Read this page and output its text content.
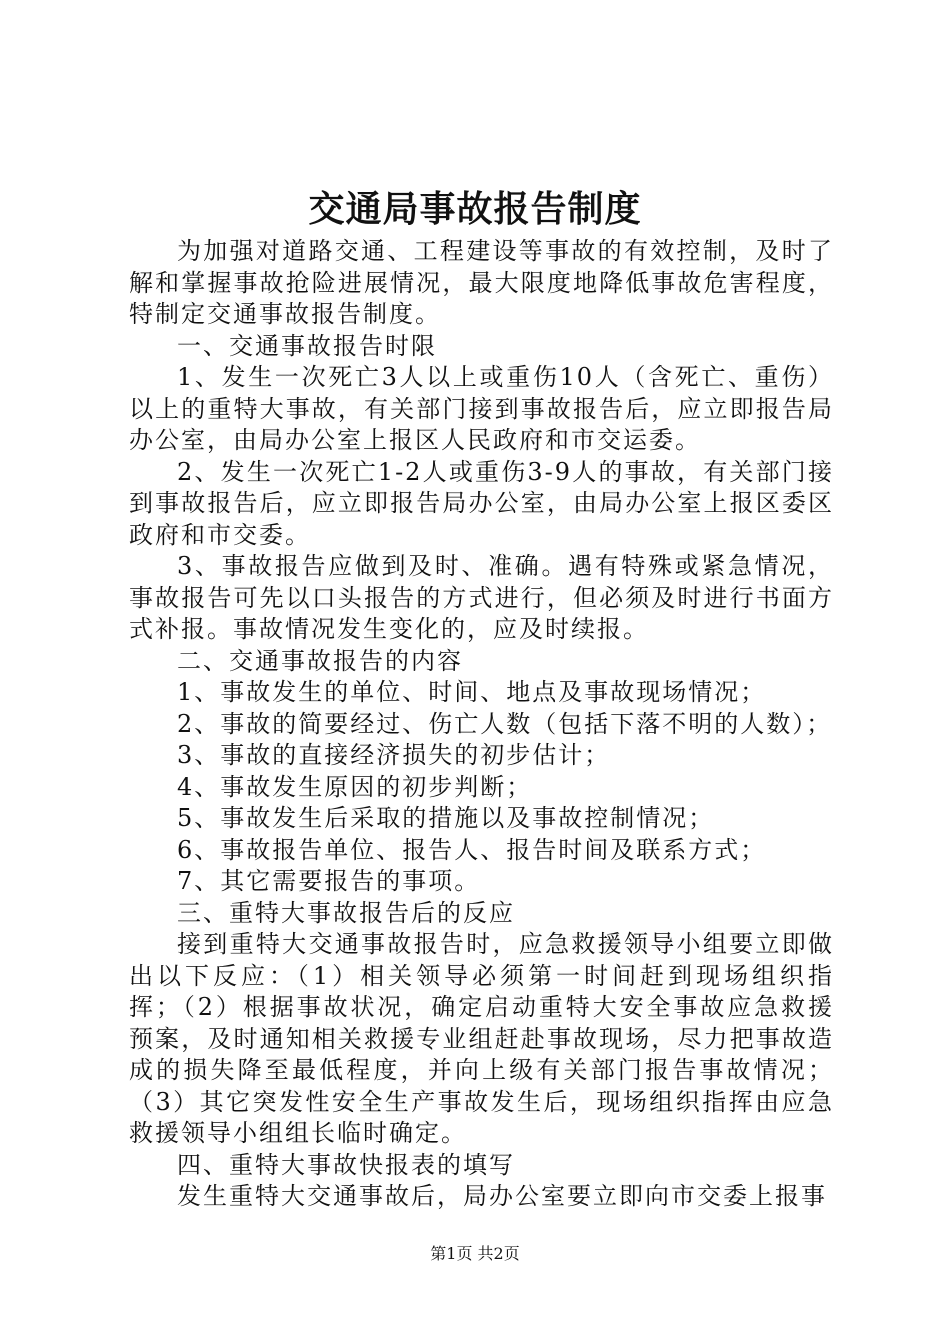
交通局事故报告制度

为加强对道路交通、工程建设等事故的有效控制，及时了解和掌握事故抢险进展情况，最大限度地降低事故危害程度，特制定交通事故报告制度。

一、交通事故报告时限

1、发生一次死亡3人以上或重伤10人（含死亡、重伤）以上的重特大事故，有关部门接到事故报告后，应立即报告局办公室，由局办公室上报区人民政府和市交运委。

2、发生一次死亡1-2人或重伤3-9人的事故，有关部门接到事故报告后，应立即报告局办公室，由局办公室上报区委区政府和市交委。

3、事故报告应做到及时、准确。遇有特殊或紧急情况，事故报告可先以口头报告的方式进行，但必须及时进行书面方式补报。事故情况发生变化的，应及时续报。

二、交通事故报告的内容

1、事故发生的单位、时间、地点及事故现场情况；

2、事故的简要经过、伤亡人数（包括下落不明的人数）；

3、事故的直接经济损失的初步估计；

4、事故发生原因的初步判断；

5、事故发生后采取的措施以及事故控制情况；

6、事故报告单位、报告人、报告时间及联系方式；

7、其它需要报告的事项。

三、重特大事故报告后的反应

接到重特大交通事故报告时，应急救援领导小组要立即做出以下反应：（1）相关领导必须第一时间赶到现场组织指挥；（2）根据事故状况，确定启动重特大安全事故应急救援预案，及时通知相关救援专业组赶赴事故现场，尽力把事故造成的损失降至最低程度，并向上级有关部门报告事故情况；（3）其它突发性安全生产事故发生后，现场组织指挥由应急救援领导小组组长临时确定。

四、重特大事故快报表的填写

发生重特大交通事故后，局办公室要立即向市交委上报事

第1页 共2页
